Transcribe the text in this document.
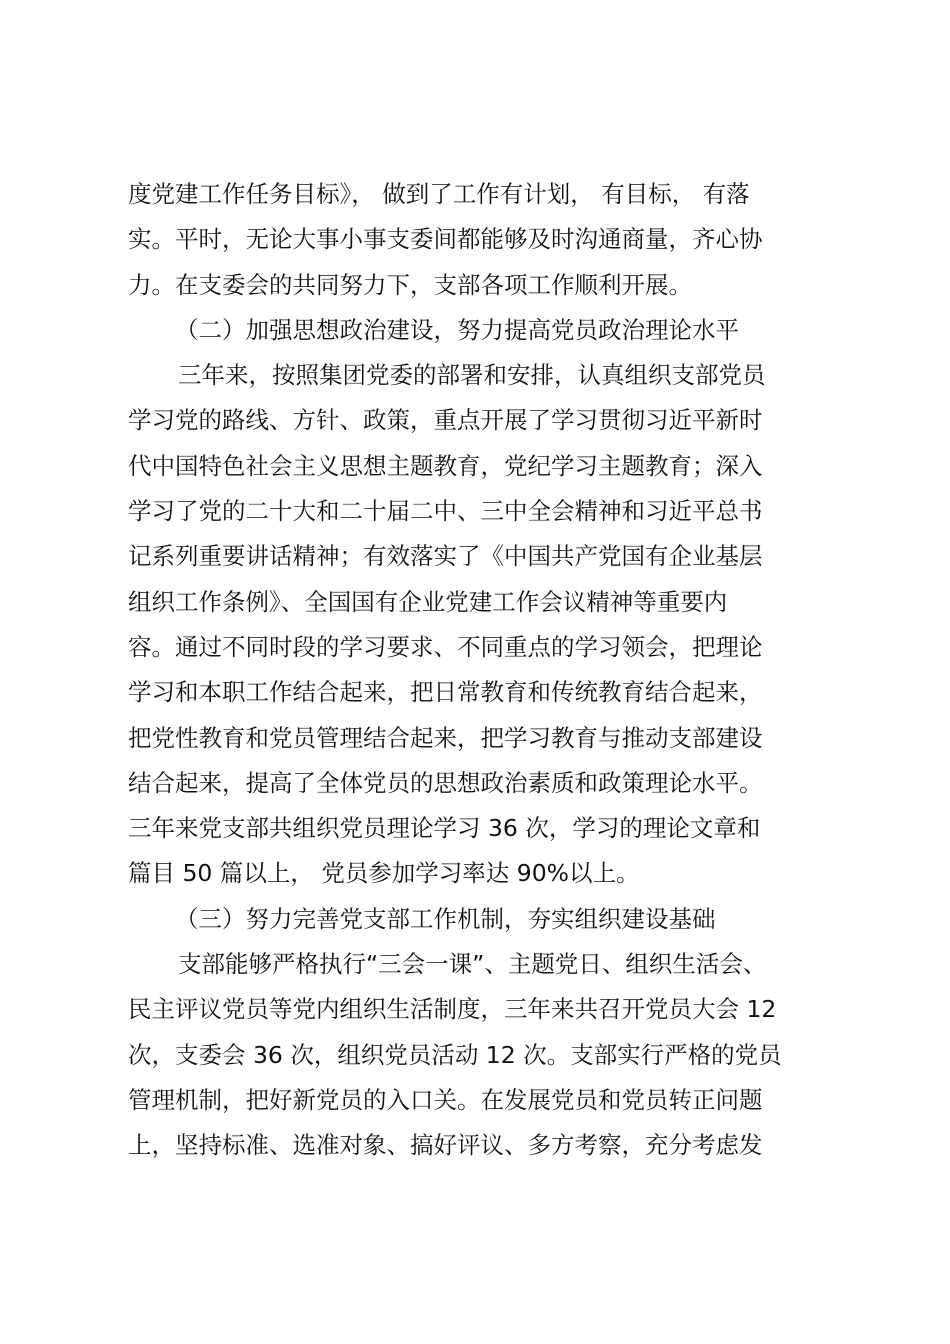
度党建工作任务目标》， 做到了工作有计划， 有目标， 有落
实。平时，无论大事小事支委间都能够及时沟通商量，齐心协
力。在支委会的共同努力下，支部各项工作顺利开展。
（二）加强思想政治建设，努力提高党员政治理论水平
三年来，按照集团党委的部署和安排，认真组织支部党员
学习党的路线、方针、政策，重点开展了学习贯彻习近平新时
代中国特色社会主义思想主题教育，党纪学习主题教育；深入
学习了党的二十大和二十届二中、三中全会精神和习近平总书
记系列重要讲话精神；有效落实了《中国共产党国有企业基层
组织工作条例》、全国国有企业党建工作会议精神等重要内
容。通过不同时段的学习要求、不同重点的学习领会，把理论
学习和本职工作结合起来，把日常教育和传统教育结合起来，
把党性教育和党员管理结合起来，把学习教育与推动支部建设
结合起来，提高了全体党员的思想政治素质和政策理论水平。
三年来党支部共组织党员理论学习 36 次，学习的理论文章和
篇目 50 篇以上， 党员参加学习率达 90%以上。
（三）努力完善党支部工作机制，夯实组织建设基础
支部能够严格执行“三会一课”、主题党日、组织生活会、
民主评议党员等党内组织生活制度，三年来共召开党员大会 12
次，支委会 36 次，组织党员活动 12 次。支部实行严格的党员
管理机制，把好新党员的入口关。在发展党员和党员转正问题
上，坚持标准、选准对象、搞好评议、多方考察，充分考虑发
